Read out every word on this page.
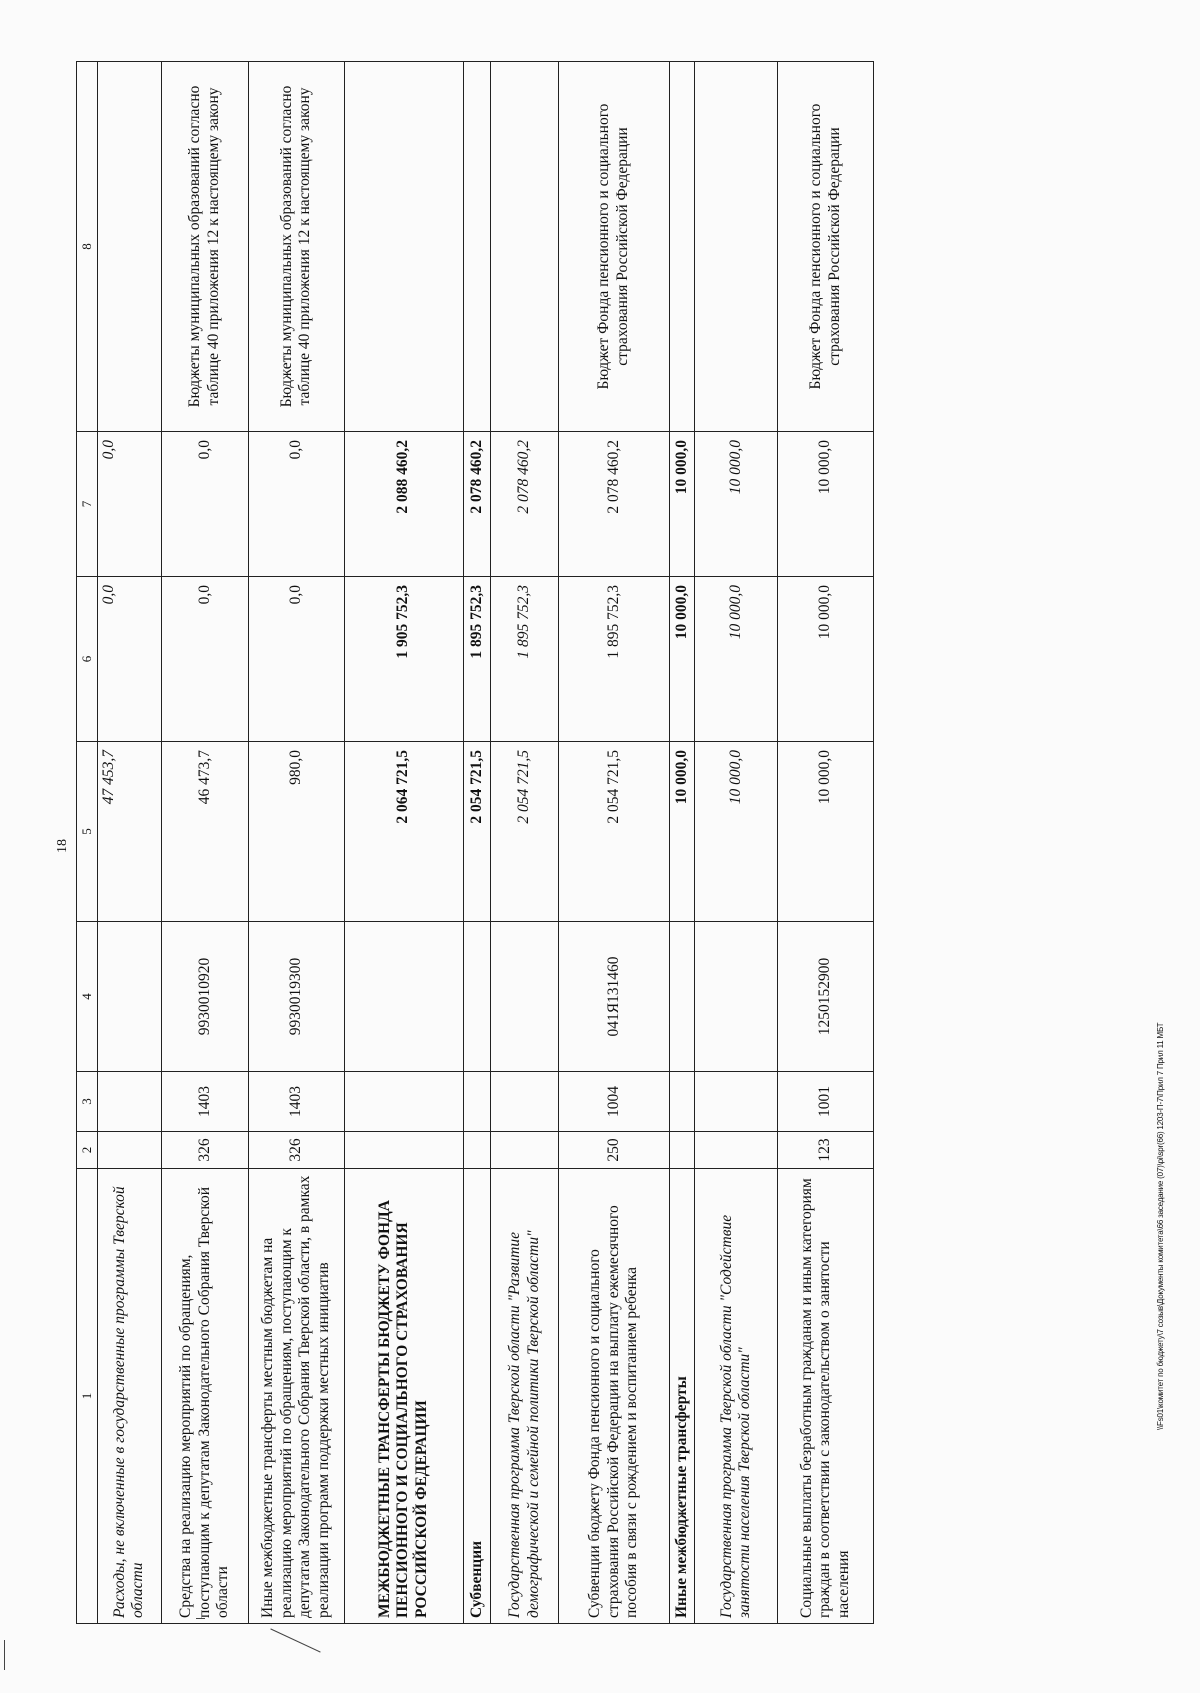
18
1	2	3	4	5	6	7	8
Расходы, не включенные в государственные программы Тверской области				47 453,7	0,0	0,0	
Средства на реализацию мероприятий по обращениям, поступающим к депутатам Законодательного Собрания Тверской области	326	1403	9930010920	46 473,7	0,0	0,0	Бюджеты муниципальных образований согласно таблице 40 приложения 12 к настоящему закону
Иные межбюджетные трансферты местным бюджетам на реализацию мероприятий по обращениям, поступающим к депутатам Законодательного Собрания Тверской области, в рамках реализации программ поддержки местных инициатив	326	1403	9930019300	980,0	0,0	0,0	Бюджеты муниципальных образований согласно таблице 40 приложения 12 к настоящему закону
МЕЖБЮДЖЕТНЫЕ ТРАНСФЕРТЫ БЮДЖЕТУ ФОНДА ПЕНСИОННОГО И СОЦИАЛЬНОГО СТРАХОВАНИЯ РОССИЙСКОЙ ФЕДЕРАЦИИ				2 064 721,5	1 905 752,3	2 088 460,2	
Субвенции				2 054 721,5	1 895 752,3	2 078 460,2	
Государственная программа Тверской области "Развитие демографической и семейной политики Тверской области"				2 054 721,5	1 895 752,3	2 078 460,2	
Субвенции бюджету Фонда пенсионного и социального страхования Российской Федерации на выплату ежемесячного пособия в связи с рождением и воспитанием ребенка	250	1004	041Я131460	2 054 721,5	1 895 752,3	2 078 460,2	Бюджет Фонда пенсионного и социального страхования Российской Федерации
Иные межбюджетные трансферты				10 000,0	10 000,0	10 000,0	
Государственная программа Тверской области "Содействие занятости населения Тверской области"				10 000,0	10 000,0	10 000,0	
Социальные выплаты безработным гражданам и иным категориям граждан в соответствии с законодательством о занятости населения	123	1001	1250152900	10 000,0	10 000,0	10 000,0	Бюджет Фонда пенсионного и социального страхования Российской Федерации
\\Fs01\комитет по бюджету\7 созыв\Документы комитета\66 заседание (07)\pi\spr(66) 1203-П-7\Прил 7 Прил 11 МБТ
